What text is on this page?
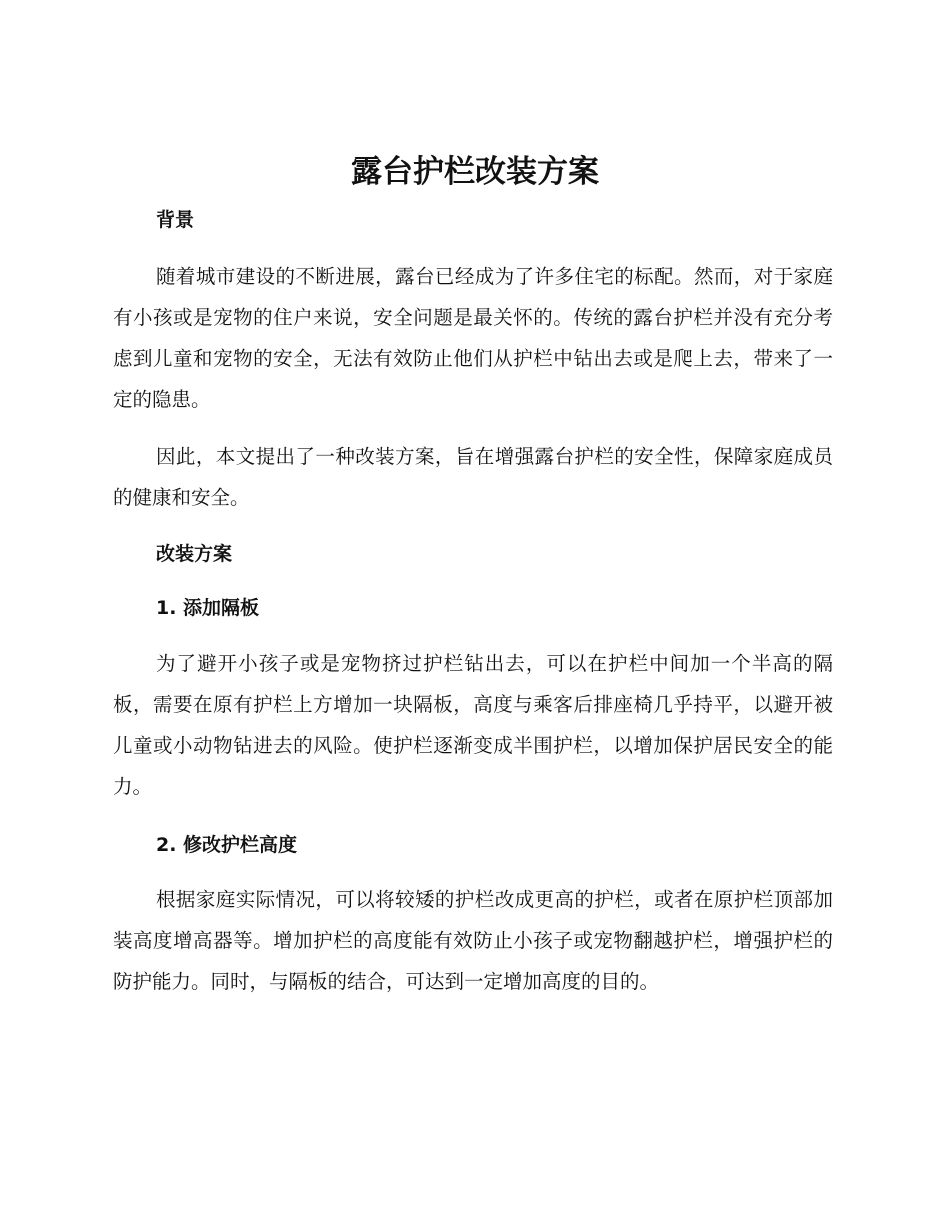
露台护栏改装方案
背景

随着城市建设的不断进展，露台已经成为了许多住宅的标配。然而，对于家庭有小孩或是宠物的住户来说，安全问题是最关怀的。传统的露台护栏并没有充分考虑到儿童和宠物的安全，无法有效防止他们从护栏中钻出去或是爬上去，带来了一定的隐患。

因此，本文提出了一种改装方案，旨在增强露台护栏的安全性，保障家庭成员的健康和安全。

改装方案
1. 添加隔板

为了避开小孩子或是宠物挤过护栏钻出去，可以在护栏中间加一个半高的隔板，需要在原有护栏上方增加一块隔板，高度与乘客后排座椅几乎持平，以避开被儿童或小动物钻进去的风险。使护栏逐渐变成半围护栏，以增加保护居民安全的能力。

2. 修改护栏高度

根据家庭实际情况，可以将较矮的护栏改成更高的护栏，或者在原护栏顶部加装高度增高器等。增加护栏的高度能有效防止小孩子或宠物翻越护栏，增强护栏的防护能力。同时，与隔板的结合，可达到一定增加高度的目的。
